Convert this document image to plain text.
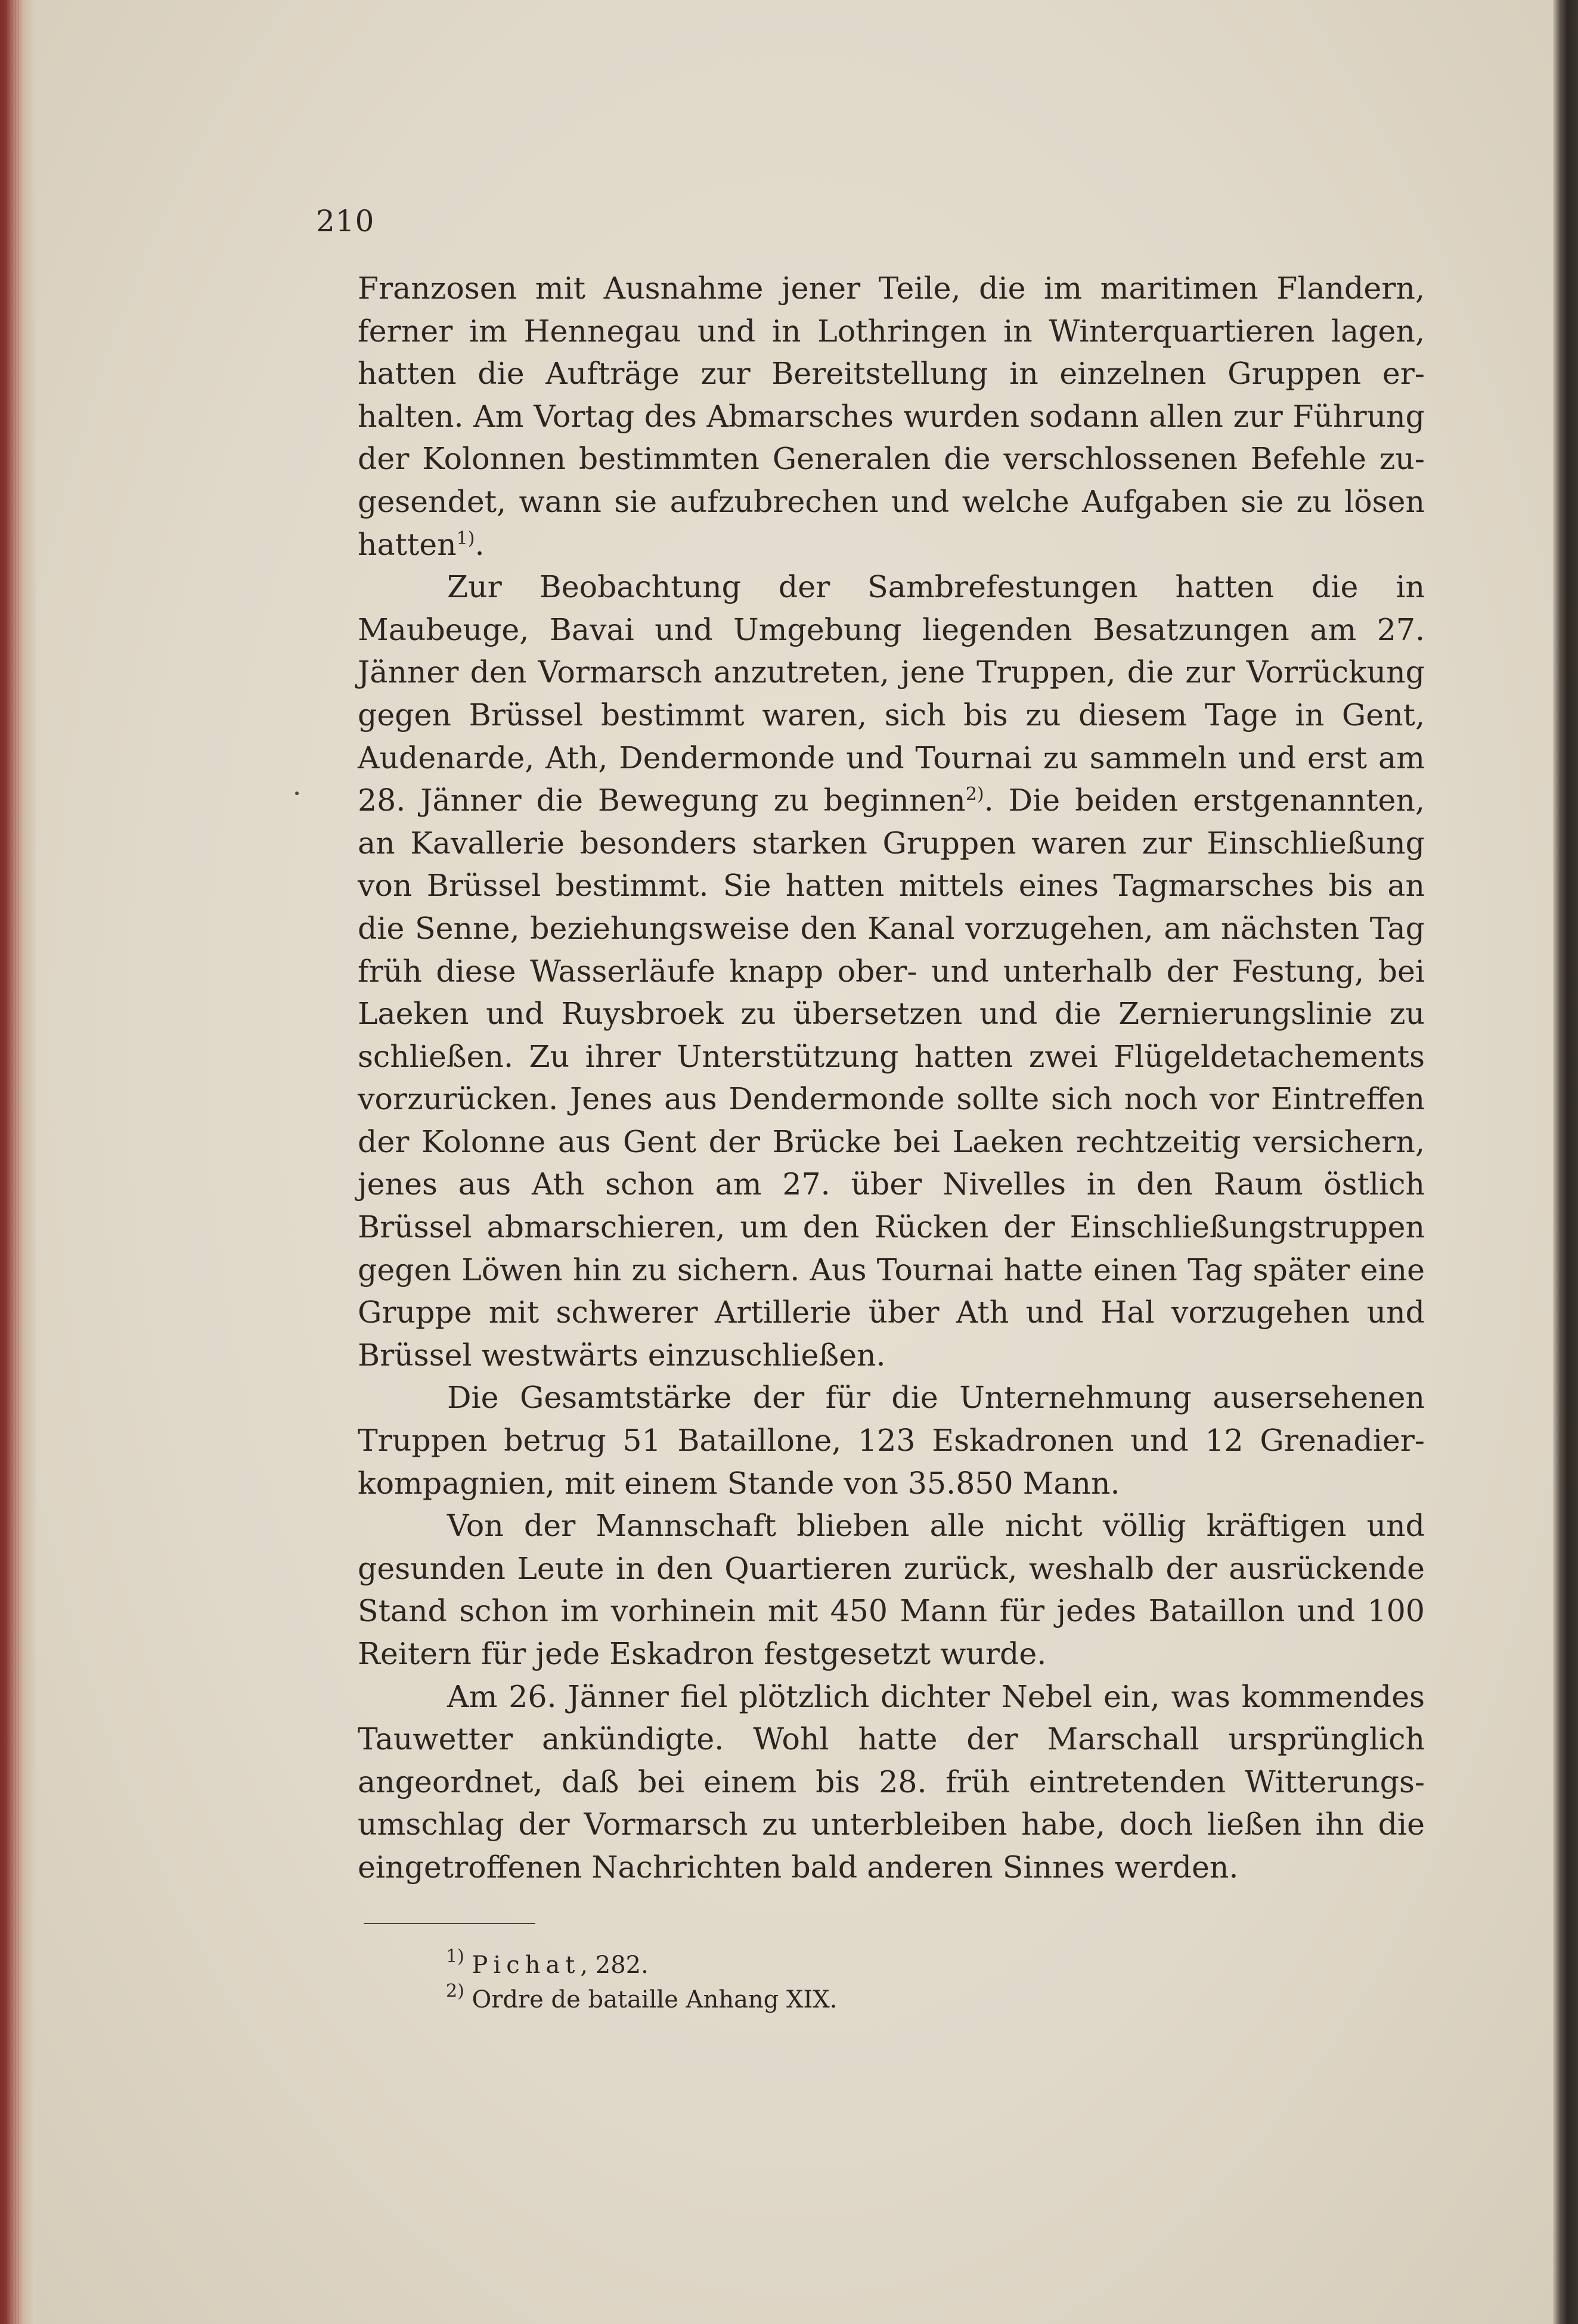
210

Franzosen mit Ausnahme jener Teile, die im maritimen Flandern, ferner im Hennegau und in Lothringen in Winterquartieren lagen, hatten die Aufträge zur Bereitstellung in einzelnen Gruppen erhalten. Am Vortag des Abmarsches wurden sodann allen zur Führung der Kolonnen bestimmten Generalen die verschlossenen Befehle zugesendet, wann sie aufzubrechen und welche Aufgaben sie zu lösen hatten$^{1)}$.

Zur Beobachtung der Sambrefestungen hatten die in Maubeuge, Bavai und Umgebung liegenden Besatzungen am 27. Jänner den Vormarsch anzutreten, jene Truppen, die zur Vorrückung gegen Brüssel bestimmt waren, sich bis zu diesem Tage in Gent, Audenarde, Ath, Dendermonde und Tournai zu sammeln und erst am 28. Jänner die Bewegung zu beginnen$^{2)}$. Die beiden erstgenannten, an Kavallerie besonders starken Gruppen waren zur Einschließung von Brüssel bestimmt. Sie hatten mittels eines Tagmarsches bis an die Senne, beziehungsweise den Kanal vorzugehen, am nächsten Tag früh diese Wasserläufe knapp ober- und unterhalb der Festung, bei Laeken und Ruysbroek zu übersetzen und die Zernierungslinie zu schließen. Zu ihrer Unterstützung hatten zwei Flügeldetachements vorzurücken. Jenes aus Dendermonde sollte sich noch vor Eintreffen der Kolonne aus Gent der Brücke bei Laeken rechtzeitig versichern, jenes aus Ath schon am 27. über Nivelles in den Raum östlich Brüssel abmarschieren, um den Rücken der Einschließungstruppen gegen Löwen hin zu sichern. Aus Tournai hatte einen Tag später eine Gruppe mit schwerer Artillerie über Ath und Hal vorzugehen und Brüssel westwärts einzuschließen.

Die Gesamtstärke der für die Unternehmung ausersehenen Truppen betrug 51 Bataillone, 123 Eskadronen und 12 Grenadierkompagnien, mit einem Stande von 35.850 Mann.

Von der Mannschaft blieben alle nicht völlig kräftigen und gesunden Leute in den Quartieren zurück, weshalb der ausrückende Stand schon im vorhinein mit 450 Mann für jedes Bataillon und 100 Reitern für jede Eskadron festgesetzt wurde.

Am 26. Jänner fiel plötzlich dichter Nebel ein, was kommendes Tauwetter ankündigte. Wohl hatte der Marschall ursprünglich angeordnet, daß bei einem bis 28. früh eintretenden Witterungsumschlag der Vormarsch zu unterbleiben habe, doch ließen ihn die eingetroffenen Nachrichten bald anderen Sinnes werden.

$^{1)}$ Pichat, 282.

$^{2)}$ Ordre de bataille Anhang XIX.
